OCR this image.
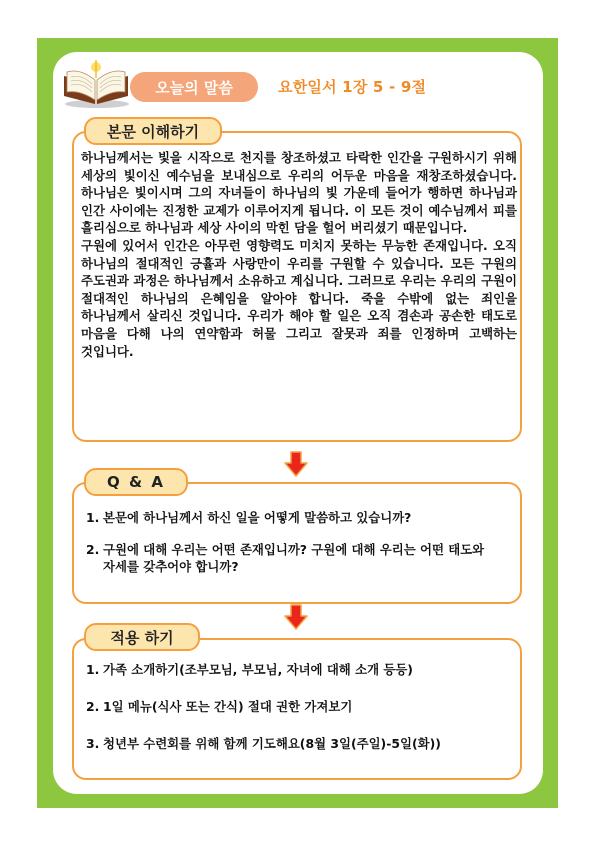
오늘의 말씀	요한일서 1장 5 - 9절
본문 이해하기

하나님께서는 빛을 시작으로 천지를 창조하셨고 타락한 인간을 구원하시기 위해 세상의 빛이신 예수님을 보내심으로 우리의 어두운 마음을 재창조하셨습니다. 하나님은 빛이시며 그의 자녀들이 하나님의 빛 가운데 들어가 행하면 하나님과 인간 사이에는 진정한 교제가 이루어지게 됩니다. 이 모든 것이 예수님께서 피를 흘리심으로 하나님과 세상 사이의 막힌 담을 헐어 버리셨기 때문입니다.

구원에 있어서 인간은 아무런 영향력도 미치지 못하는 무능한 존재입니다. 오직 하나님의 절대적인 긍휼과 사랑만이 우리를 구원할 수 있습니다. 모든 구원의 주도권과 과정은 하나님께서 소유하고 계십니다. 그러므로 우리는 우리의 구원이 절대적인 하나님의 은혜임을 알아야 합니다. 죽을 수밖에 없는 죄인을 하나님께서 살리신 것입니다. 우리가 해야 할 일은 오직 겸손과 공손한 태도로 마음을 다해 나의 연약함과 허물 그리고 잘못과 죄를 인정하며 고백하는 것입니다.

Q & A
1. 본문에 하나님께서 하신 일을 어떻게 말씀하고 있습니까?
2. 구원에 대해 우리는 어떤 존재입니까? 구원에 대해 우리는 어떤 태도와 자세를 갖추어야 합니까?
적용 하기
1. 가족 소개하기(조부모님, 부모님, 자녀에 대해 소개 등등)
2. 1일 메뉴(식사 또는 간식) 절대 권한 가져보기
3. 청년부 수련회를 위해 함께 기도해요(8월 3일(주일)-5일(화))
